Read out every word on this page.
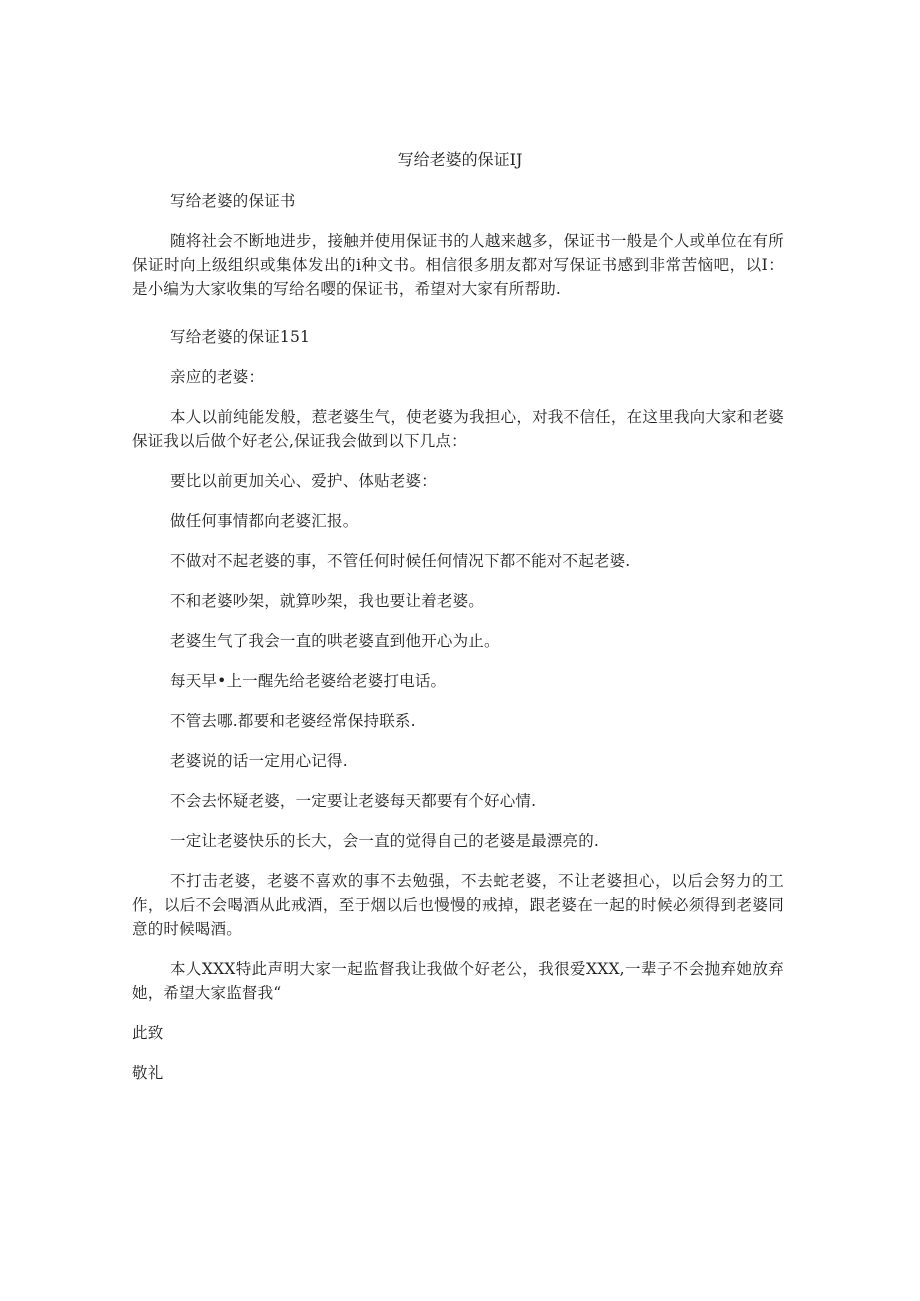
写给老婆的保证IJ

写给老婆的保证书

随将社会不断地进步，接触并使用保证书的人越来越多，保证书一般是个人或单位在有所保证时向上级组织或集体发出的i种文书。相信很多朋友都对写保证书感到非常苦恼吧，以I：是小编为大家收集的写给名嘤的保证书，希望对大家有所帮助.

写给老婆的保证151

亲应的老婆：

本人以前纯能发般，惹老婆生气，使老婆为我担心，对我不信任，在这里我向大家和老婆保证我以后做个好老公,保证我会做到以下几点：

要比以前更加关心、爱护、体贴老婆：

做任何事情都向老婆汇报。

不做对不起老婆的事，不管任何时候任何情况下都不能对不起老婆.

不和老婆吵架，就算吵架，我也要让着老婆。

老婆生气了我会一直的哄老婆直到他开心为止。

每天早•上一醒先给老婆给老婆打电话。

不管去哪.都要和老婆经常保持联系.

老婆说的话一定用心记得.

不会去怀疑老婆，一定要让老婆每天都要有个好心情.

一定让老婆快乐的长大，会一直的觉得自己的老婆是最漂亮的.

不打击老婆，老婆不喜欢的事不去勉强，不去蛇老婆，不让老婆担心，以后会努力的工作，以后不会喝酒从此戒酒，至于烟以后也慢慢的戒掉，跟老婆在一起的时候必须得到老婆同意的时候喝酒。

本人XXX特此声明大家一起监督我让我做个好老公，我很爱XXX,一辈子不会抛弃她放弃她，希望大家监督我“

此致

敬礼
